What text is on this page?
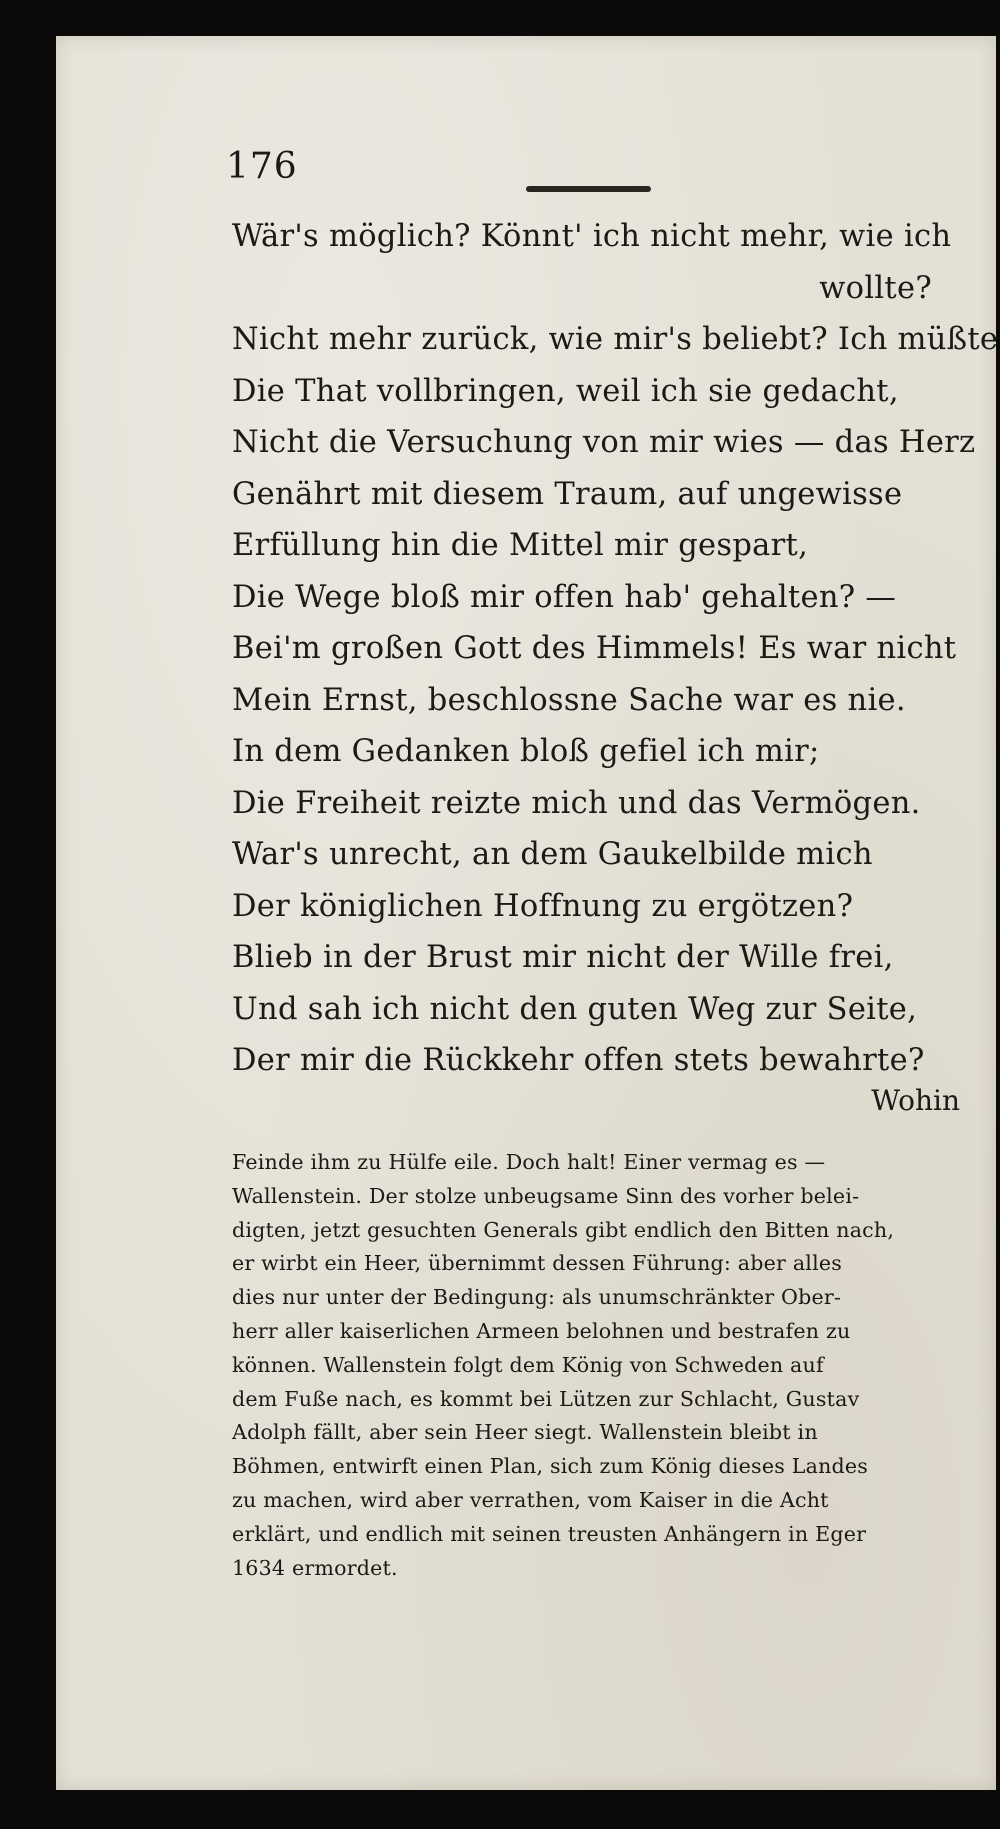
176
Wär's möglich? Könnt' ich nicht mehr, wie ich
wollte?
Nicht mehr zurück, wie mir's beliebt? Ich müßte
Die That vollbringen, weil ich sie gedacht,
Nicht die Versuchung von mir wies — das Herz
Genährt mit diesem Traum, auf ungewisse
Erfüllung hin die Mittel mir gespart,
Die Wege bloß mir offen hab' gehalten? —
Bei'm großen Gott des Himmels! Es war nicht
Mein Ernst, beschlossne Sache war es nie.
In dem Gedanken bloß gefiel ich mir;
Die Freiheit reizte mich und das Vermögen.
War's unrecht, an dem Gaukelbilde mich
Der königlichen Hoffnung zu ergötzen?
Blieb in der Brust mir nicht der Wille frei,
Und sah ich nicht den guten Weg zur Seite,
Der mir die Rückkehr offen stets bewahrte?
Wohin
Feinde ihm zu Hülfe eile. Doch halt! Einer vermag es —
Wallenstein. Der stolze unbeugsame Sinn des vorher belei-
digten, jetzt gesuchten Generals gibt endlich den Bitten nach,
er wirbt ein Heer, übernimmt dessen Führung: aber alles
dies nur unter der Bedingung: als unumschränkter Ober-
herr aller kaiserlichen Armeen belohnen und bestrafen zu
können. Wallenstein folgt dem König von Schweden auf
dem Fuße nach, es kommt bei Lützen zur Schlacht, Gustav
Adolph fällt, aber sein Heer siegt. Wallenstein bleibt in
Böhmen, entwirft einen Plan, sich zum König dieses Landes
zu machen, wird aber verrathen, vom Kaiser in die Acht
erklärt, und endlich mit seinen treusten Anhängern in Eger
1634 ermordet.
